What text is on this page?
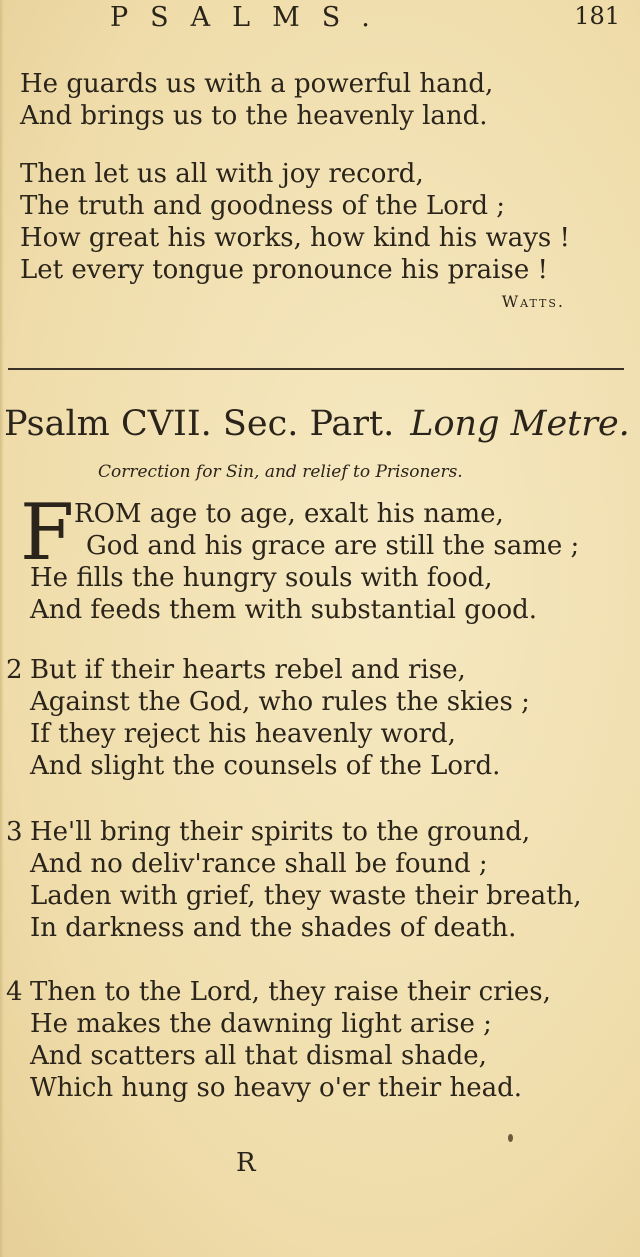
PSALMS.	181
He guards us with a powerful hand,
And brings us to the heavenly land.
Then let us all with joy record,
The truth and goodness of the Lord ;
How great his works, how kind his ways !
Let every tongue pronounce his praise !
Watts.
Psalm CVII. Sec. Part. Long Metre.
Correction for Sin, and relief to Prisoners.
F ROM age to age, exalt his name,
God and his grace are still the same ;
He fills the hungry souls with food,
And feeds them with substantial good.
2 But if their hearts rebel and rise,
Against the God, who rules the skies ;
If they reject his heavenly word,
And slight the counsels of the Lord.
3 He'll bring their spirits to the ground,
And no deliv'rance shall be found ;
Laden with grief, they waste their breath,
In darkness and the shades of death.
4 Then to the Lord, they raise their cries,
He makes the dawning light arise ;
And scatters all that dismal shade,
Which hung so heavy o'er their head.
R
